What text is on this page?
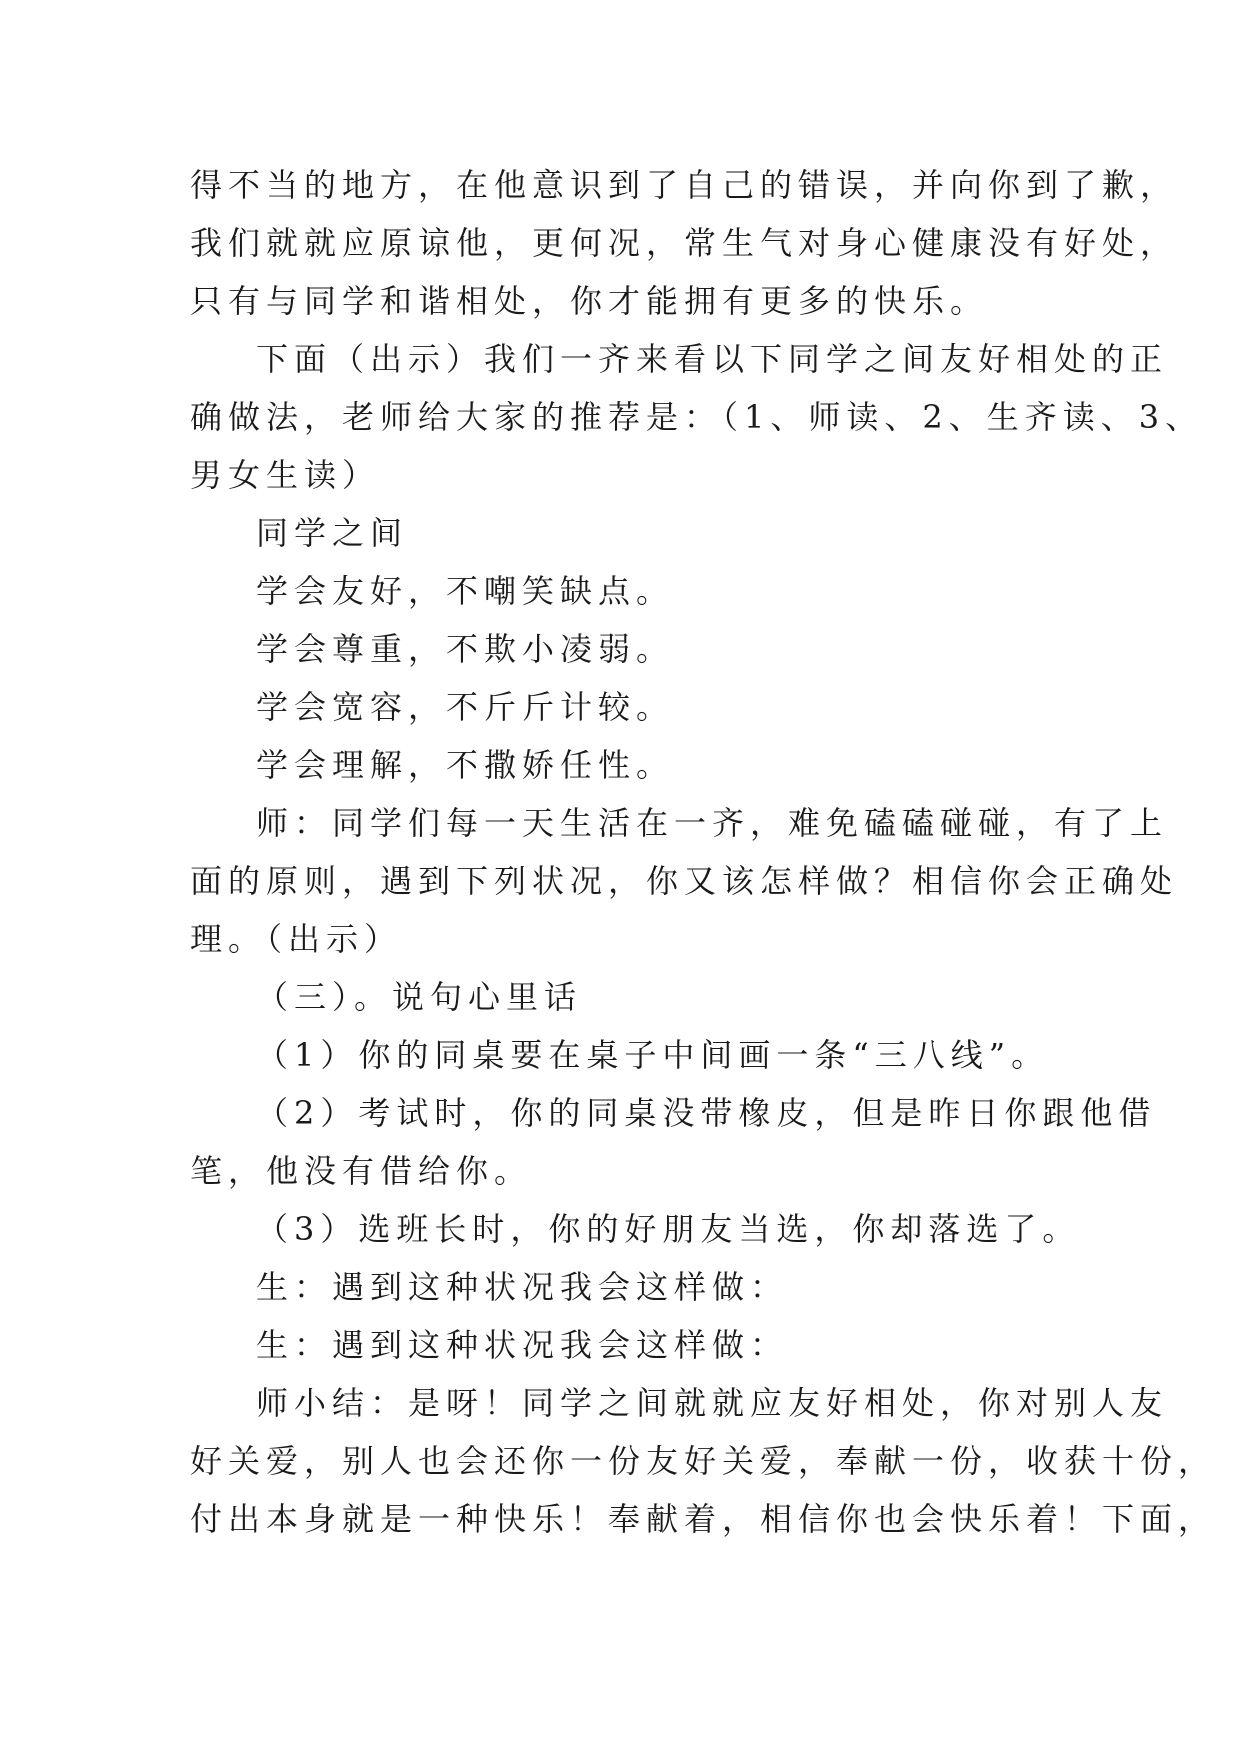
得不当的地方，在他意识到了自己的错误，并向你到了歉，
我们就就应原谅他，更何况，常生气对身心健康没有好处，
只有与同学和谐相处，你才能拥有更多的快乐。
下面（出示）我们一齐来看以下同学之间友好相处的正
确做法，老师给大家的推荐是：（1、师读、2、生齐读、3、
男女生读）
同学之间
学会友好，不嘲笑缺点。
学会尊重，不欺小凌弱。
学会宽容，不斤斤计较。
学会理解，不撒娇任性。
师：同学们每一天生活在一齐，难免磕磕碰碰，有了上
面的原则，遇到下列状况，你又该怎样做？相信你会正确处
理。（出示）
（三）。说句心里话
（1）你的同桌要在桌子中间画一条“三八线”。
（2）考试时，你的同桌没带橡皮，但是昨日你跟他借
笔，他没有借给你。
（3）选班长时，你的好朋友当选，你却落选了。
生：遇到这种状况我会这样做：
生：遇到这种状况我会这样做：
师小结：是呀！同学之间就就应友好相处，你对别人友
好关爱，别人也会还你一份友好关爱，奉献一份，收获十份，
付出本身就是一种快乐！奉献着，相信你也会快乐着！下面，
